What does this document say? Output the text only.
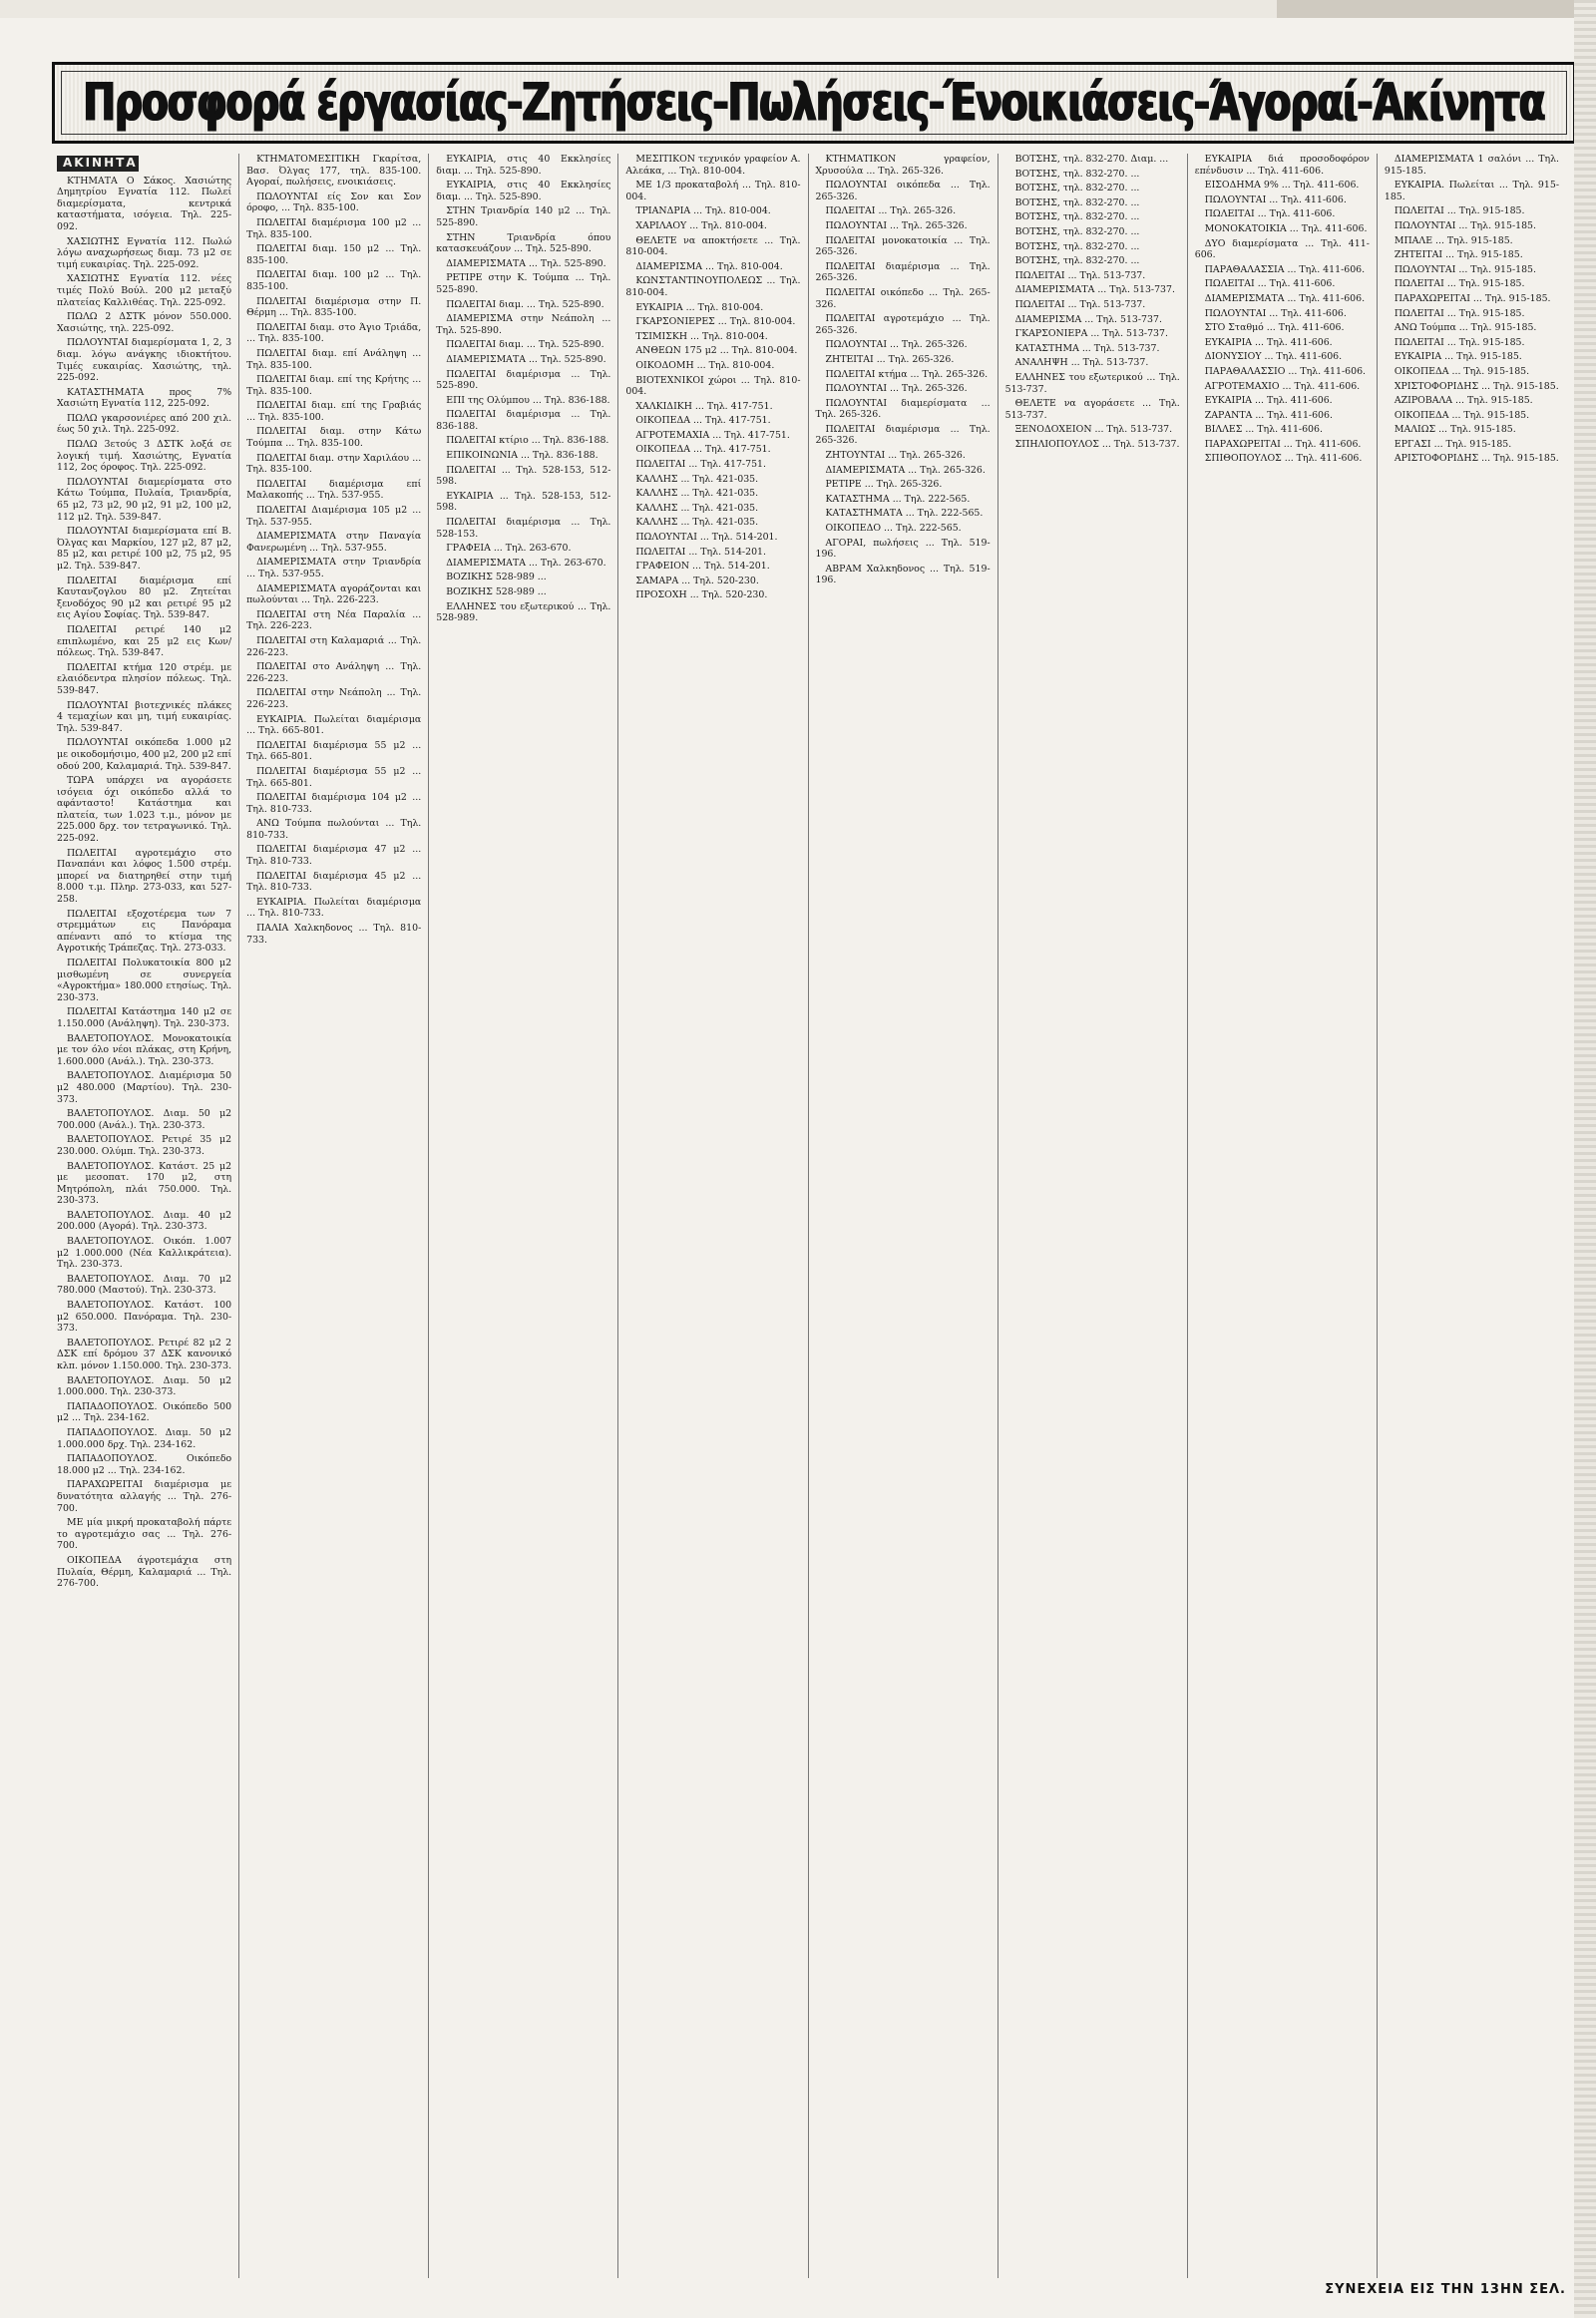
Προσφορά έργασίας-Ζητήσεις-Πωλήσεις-Ένοικιάσεις-Άγοραί-Άκίνητα
ΑΚΙΝΗΤΑ

ΚΤΗΜΑΤΑ Ο Σάκος. Χασιώτης Δημητρίου Εγνατία 112. Πωλεί διαμερίσματα, κεντρικά καταστήματα, ισόγεια. Τηλ. 225-092.

ΧΑΣΙΩΤΗΣ Εγνατία 112. Πωλώ λόγω αναχωρήσεως διαμ. 73 μ2 σε τιμή ευκαιρίας. Τηλ. 225-092.

ΧΑΣΙΩΤΗΣ Εγνατία 112. νέες τιμές Πολύ Βούλ. 200 μ2 μεταξύ πλατείας Καλλιθέας. Τηλ. 225-092.

ΠΩΛΩ 2 ΔΣΤΚ μόνον 550.000. Χασιώτης, τηλ. 225-092.

ΠΩΛΟΥΝΤΑΙ διαμερίσματα 1, 2, 3 διαμ. λόγω ανάγκης ιδιοκτήτου. Τιμές ευκαιρίας. Χασιώτης, τηλ. 225-092.

ΚΑΤΑΣΤΗΜΑΤΑ προς 7% Χασιώτη Εγνατία 112, 225-092.

ΠΩΛΩ γκαρσονιέρες από 200 χιλ. έως 50 χιλ. Τηλ. 225-092.

ΠΩΛΩ 3ετούς 3 ΔΣΤΚ λοξά σε λογική τιμή. Χασιώτης, Εγνατία 112, 2ος όροφος. Τηλ. 225-092.

ΠΩΛΟΥΝΤΑΙ διαμερίσματα στο Κάτω Τούμπα, Πυλαία, Τριανδρία, 65 μ2, 73 μ2, 90 μ2, 91 μ2, 100 μ2, 112 μ2. Τηλ. 539-847.

ΠΩΛΟΥΝΤΑΙ διαμερίσματα επί Β. Όλγας και Μαρκίου, 127 μ2, 87 μ2, 85 μ2, και ρετιρέ 100 μ2, 75 μ2, 95 μ2. Τηλ. 539-847.

ΠΩΛΕΙΤΑΙ διαμέρισμα επί Καυτανζογλου 80 μ2. Ζητείται ξενοδόχος 90 μ2 και ρετιρέ 95 μ2 εις Αγίου Σοφίας. Τηλ. 539-847.

ΠΩΛΕΙΤΑΙ ρετιρέ 140 μ2 επιπλωμένο, και 25 μ2 εις Κων/πόλεως. Τηλ. 539-847.

ΠΩΛΕΙΤΑΙ κτήμα 120 στρέμ. με ελαιόδεντρα πλησίον πόλεως. Τηλ. 539-847.

ΠΩΛΟΥΝΤΑΙ βιοτεχνικές πλάκες 4 τεμαχίων και μη, τιμή ευκαιρίας. Τηλ. 539-847.

ΠΩΛΟΥΝΤΑΙ οικόπεδα 1.000 μ2 με οικοδομήσιμο, 400 μ2, 200 μ2 επί οδού 200, Καλαμαριά. Τηλ. 539-847.

ΤΩΡΑ υπάρχει να αγοράσετε ισόγεια όχι οικόπεδο αλλά το αφάνταστο! Κατάστημα και πλατεία, των 1.023 τ.μ., μόνον με 225.000 δρχ. τον τετραγωνικό. Τηλ. 225-092.

ΠΩΛΕΙΤΑΙ αγροτεμάχιο στο Παναπάνι και λόφος 1.500 στρέμ. μπορεί να διατηρηθεί στην τιμή 8.000 τ.μ. Πληρ. 273-033, και 527-258.

ΠΩΛΕΙΤΑΙ εξοχοτέρεμα των 7 στρεμμάτων εις Πανόραμα απέναντι από το κτίσμα της Αγροτικής Τράπεζας. Τηλ. 273-033.

ΠΩΛΕΙΤΑΙ Πολυκατοικία 800 μ2 μισθωμένη σε συνεργεία «Αγροκτήμα» 180.000 ετησίως. Τηλ. 230-373.

ΠΩΛΕΙΤΑΙ Κατάστημα 140 μ2 σε 1.150.000 (Ανάληψη). Τηλ. 230-373.

ΒΑΛΕΤΟΠΟΥΛΟΣ. Μονοκατοικία με τον όλο νέοι πλάκας, στη Κρήνη, 1.600.000 (Ανάλ.). Τηλ. 230-373.

ΒΑΛΕΤΟΠΟΥΛΟΣ. Διαμέρισμα 50 μ2 480.000 (Μαρτίου). Τηλ. 230-373.

ΒΑΛΕΤΟΠΟΥΛΟΣ. Διαμ. 50 μ2 700.000 (Ανάλ.). Τηλ. 230-373.

ΒΑΛΕΤΟΠΟΥΛΟΣ. Ρετιρέ 35 μ2 230.000. Ολύμπ. Τηλ. 230-373.

ΒΑΛΕΤΟΠΟΥΛΟΣ. Κατάστ. 25 μ2 με μεσοπατ. 170 μ2, στη Μητρόπολη, πλάι 750.000. Τηλ. 230-373.

ΒΑΛΕΤΟΠΟΥΛΟΣ. Διαμ. 40 μ2 200.000 (Αγορά). Τηλ. 230-373.

ΒΑΛΕΤΟΠΟΥΛΟΣ. Οικόπ. 1.007 μ2 1.000.000 (Νέα Καλλικράτεια). Τηλ. 230-373.

ΒΑΛΕΤΟΠΟΥΛΟΣ. Διαμ. 70 μ2 780.000 (Μαστού). Τηλ. 230-373.

ΒΑΛΕΤΟΠΟΥΛΟΣ. Κατάστ. 100 μ2 650.000. Πανόραμα. Τηλ. 230-373.

ΒΑΛΕΤΟΠΟΥΛΟΣ. Ρετιρέ 82 μ2 2 ΔΣΚ επί δρόμου 37 ΔΣΚ κανονικό κλπ. μόνον 1.150.000. Τηλ. 230-373.

ΒΑΛΕΤΟΠΟΥΛΟΣ. Διαμ. 50 μ2 1.000.000. Τηλ. 230-373.

ΠΑΠΑΔΟΠΟΥΛΟΣ. Οικόπεδο 500 μ2 ... Τηλ. 234-162.

ΠΑΠΑΔΟΠΟΥΛΟΣ. Διαμ. 50 μ2 1.000.000 δρχ. Τηλ. 234-162.

ΠΑΠΑΔΟΠΟΥΛΟΣ. Οικόπεδο 18.000 μ2 ... Τηλ. 234-162.

ΠΑΡΑΧΩΡΕΙΤΑΙ διαμέρισμα με δυνατότητα αλλαγής ... Τηλ. 276-700.

ΜΕ μία μικρή προκαταβολή πάρτε το αγροτεμάχιο σας ... Τηλ. 276-700.

ΟΙΚΟΠΕΔΑ άγροτεμάχια στη Πυλαία, Θέρμη, Καλαμαριά ... Τηλ. 276-700.

ΚΤΗΜΑΤΟΜΕΣΙΤΙΚΗ Γκαρίτσα, Βασ. Όλγας 177, τηλ. 835-100. Αγοραί, πωλήσεις, ενοικιάσεις.

ΠΩΛΟΥΝΤΑΙ είς Σον και Σον όροφο, ... Τηλ. 835-100.

ΠΩΛΕΙΤΑΙ διαμέρισμα 100 μ2 ... Τηλ. 835-100.

ΠΩΛΕΙΤΑΙ διαμ. 150 μ2 ... Τηλ. 835-100.

ΠΩΛΕΙΤΑΙ διαμ. 100 μ2 ... Τηλ. 835-100.

ΠΩΛΕΙΤΑΙ διαμέρισμα στην Π. Θέρμη ... Τηλ. 835-100.

ΠΩΛΕΙΤΑΙ διαμ. στο Άγιο Τριάδα, ... Τηλ. 835-100.

ΠΩΛΕΙΤΑΙ διαμ. επί Ανάληψη ... Τηλ. 835-100.

ΠΩΛΕΙΤΑΙ διαμ. επί της Κρήτης ... Τηλ. 835-100.

ΠΩΛΕΙΤΑΙ διαμ. επί της Γραβιάς ... Τηλ. 835-100.

ΠΩΛΕΙΤΑΙ διαμ. στην Κάτω Τούμπα ... Τηλ. 835-100.

ΠΩΛΕΙΤΑΙ διαμ. στην Χαριλάου ... Τηλ. 835-100.

ΠΩΛΕΙΤΑΙ διαμέρισμα επί Μαλακοπής ... Τηλ. 537-955.

ΠΩΛΕΙΤΑΙ Διαμέρισμα 105 μ2 ... Τηλ. 537-955.

ΔΙΑΜΕΡΙΣΜΑΤΑ στην Παναγία Φανερωμένη ... Τηλ. 537-955.

ΔΙΑΜΕΡΙΣΜΑΤΑ στην Τριανδρία ... Τηλ. 537-955.

ΔΙΑΜΕΡΙΣΜΑΤΑ αγοράζονται και πωλούνται ... Τηλ. 226-223.

ΠΩΛΕΙΤΑΙ στη Νέα Παραλία ... Τηλ. 226-223.

ΠΩΛΕΙΤΑΙ στη Καλαμαριά ... Τηλ. 226-223.

ΠΩΛΕΙΤΑΙ στο Ανάληψη ... Τηλ. 226-223.

ΠΩΛΕΙΤΑΙ στην Νεάπολη ... Τηλ. 226-223.

ΕΥΚΑΙΡΙΑ. Πωλείται διαμέρισμα ... Τηλ. 665-801.

ΠΩΛΕΙΤΑΙ διαμέρισμα 55 μ2 ... Τηλ. 665-801.

ΠΩΛΕΙΤΑΙ διαμέρισμα 55 μ2 ... Τηλ. 665-801.

ΠΩΛΕΙΤΑΙ διαμέρισμα 104 μ2 ... Τηλ. 810-733.

ΑΝΩ Τούμπα πωλούνται ... Τηλ. 810-733.

ΠΩΛΕΙΤΑΙ διαμέρισμα 47 μ2 ... Τηλ. 810-733.

ΠΩΛΕΙΤΑΙ διαμέρισμα 45 μ2 ... Τηλ. 810-733.

ΕΥΚΑΙΡΙΑ. Πωλείται διαμέρισμα ... Τηλ. 810-733.

ΠΑΛΙΑ Χαλκηδονος ... Τηλ. 810-733.

ΕΥΚΑΙΡΙΑ, στις 40 Εκκλησίες διαμ. ... Τηλ. 525-890.

ΕΥΚΑΙΡΙΑ, στις 40 Εκκλησίες διαμ. ... Τηλ. 525-890.

ΣΤΗΝ Τριανδρία 140 μ2 ... Τηλ. 525-890.

ΣΤΗΝ Τριανδρία όπου κατασκευάζουν ... Τηλ. 525-890.

ΔΙΑΜΕΡΙΣΜΑΤΑ ... Τηλ. 525-890.

ΡΕΤΙΡΕ στην Κ. Τούμπα ... Τηλ. 525-890.

ΠΩΛΕΙΤΑΙ διαμ. ... Τηλ. 525-890.

ΔΙΑΜΕΡΙΣΜΑ στην Νεάπολη ... Τηλ. 525-890.

ΠΩΛΕΙΤΑΙ διαμ. ... Τηλ. 525-890.

ΔΙΑΜΕΡΙΣΜΑΤΑ ... Τηλ. 525-890.

ΠΩΛΕΙΤΑΙ διαμέρισμα ... Τηλ. 525-890.

ΕΠΙ της Ολύμπου ... Τηλ. 836-188.

ΠΩΛΕΙΤΑΙ διαμέρισμα ... Τηλ. 836-188.

ΠΩΛΕΙΤΑΙ κτίριο ... Τηλ. 836-188.

ΕΠΙΚΟΙΝΩΝΙΑ ... Τηλ. 836-188.

ΠΩΛΕΙΤΑΙ ... Τηλ. 528-153, 512-598.

ΕΥΚΑΙΡΙΑ ... Τηλ. 528-153, 512-598.

ΠΩΛΕΙΤΑΙ διαμέρισμα ... Τηλ. 528-153.

ΓΡΑΦΕΙΑ ... Τηλ. 263-670.

ΔΙΑΜΕΡΙΣΜΑΤΑ ... Τηλ. 263-670.

ΒΟΖΙΚΗΣ 528-989 ...

ΒΟΖΙΚΗΣ 528-989 ...

ΕΛΛΗΝΕΣ του εξωτερικού ... Τηλ. 528-989.

ΜΕΣΙΤΙΚΟΝ τεχνικόν γραφείον Α. Αλεάκα, ... Τηλ. 810-004.

ΜΕ 1/3 προκαταβολή ... Τηλ. 810-004.

ΤΡΙΑΝΔΡΙΑ ... Τηλ. 810-004.

ΧΑΡΙΛΑΟΥ ... Τηλ. 810-004.

ΘΕΛΕΤΕ να αποκτήσετε ... Τηλ. 810-004.

ΔΙΑΜΕΡΙΣΜΑ ... Τηλ. 810-004.

ΚΩΝΣΤΑΝΤΙΝΟΥΠΟΛΕΩΣ ... Τηλ. 810-004.

ΕΥΚΑΙΡΙΑ ... Τηλ. 810-004.

ΓΚΑΡΣΟΝΙΕΡΕΣ ... Τηλ. 810-004.

ΤΣΙΜΙΣΚΗ ... Τηλ. 810-004.

ΑΝΘΕΩΝ 175 μ2 ... Τηλ. 810-004.

ΟΙΚΟΔΟΜΗ ... Τηλ. 810-004.

ΒΙΟΤΕΧΝΙΚΟΙ χώροι ... Τηλ. 810-004.

ΧΑΛΚΙΔΙΚΗ ... Τηλ. 417-751.

ΟΙΚΟΠΕΔΑ ... Τηλ. 417-751.

ΑΓΡΟΤΕΜΑΧΙΑ ... Τηλ. 417-751.

ΟΙΚΟΠΕΔΑ ... Τηλ. 417-751.

ΠΩΛΕΙΤΑΙ ... Τηλ. 417-751.

ΚΑΛΛΗΣ ... Τηλ. 421-035.

ΚΑΛΛΗΣ ... Τηλ. 421-035.

ΚΑΛΛΗΣ ... Τηλ. 421-035.

ΚΑΛΛΗΣ ... Τηλ. 421-035.

ΠΩΛΟΥΝΤΑΙ ... Τηλ. 514-201.

ΠΩΛΕΙΤΑΙ ... Τηλ. 514-201.

ΓΡΑΦΕΙΟΝ ... Τηλ. 514-201.

ΣΑΜΑΡΑ ... Τηλ. 520-230.

ΠΡΟΣΟΧΗ ... Τηλ. 520-230.

ΚΤΗΜΑΤΙΚΟΝ γραφείον, Χρυσούλα ... Τηλ. 265-326.

ΠΩΛΟΥΝΤΑΙ οικόπεδα ... Τηλ. 265-326.

ΠΩΛΕΙΤΑΙ ... Τηλ. 265-326.

ΠΩΛΟΥΝΤΑΙ ... Τηλ. 265-326.

ΠΩΛΕΙΤΑΙ μονοκατοικία ... Τηλ. 265-326.

ΠΩΛΕΙΤΑΙ διαμέρισμα ... Τηλ. 265-326.

ΠΩΛΕΙΤΑΙ οικόπεδο ... Τηλ. 265-326.

ΠΩΛΕΙΤΑΙ αγροτεμάχιο ... Τηλ. 265-326.

ΠΩΛΟΥΝΤΑΙ ... Τηλ. 265-326.

ΖΗΤΕΙΤΑΙ ... Τηλ. 265-326.

ΠΩΛΕΙΤΑΙ κτήμα ... Τηλ. 265-326.

ΠΩΛΟΥΝΤΑΙ ... Τηλ. 265-326.

ΠΩΛΟΥΝΤΑΙ διαμερίσματα ... Τηλ. 265-326.

ΠΩΛΕΙΤΑΙ διαμέρισμα ... Τηλ. 265-326.

ΖΗΤΟΥΝΤΑΙ ... Τηλ. 265-326.

ΔΙΑΜΕΡΙΣΜΑΤΑ ... Τηλ. 265-326.

ΡΕΤΙΡΕ ... Τηλ. 265-326.

ΚΑΤΑΣΤΗΜΑ ... Τηλ. 222-565.

ΚΑΤΑΣΤΗΜΑΤΑ ... Τηλ. 222-565.

ΟΙΚΟΠΕΔΟ ... Τηλ. 222-565.

ΑΓΟΡΑΙ, πωλήσεις ... Τηλ. 519-196.

ΑΒΡΑΜ Χαλκηδονος ... Τηλ. 519-196.

ΒΟΤΣΗΣ, τηλ. 832-270. Διαμ. ...

ΒΟΤΣΗΣ, τηλ. 832-270. ...

ΒΟΤΣΗΣ, τηλ. 832-270. ...

ΒΟΤΣΗΣ, τηλ. 832-270. ...

ΒΟΤΣΗΣ, τηλ. 832-270. ...

ΒΟΤΣΗΣ, τηλ. 832-270. ...

ΒΟΤΣΗΣ, τηλ. 832-270. ...

ΒΟΤΣΗΣ, τηλ. 832-270. ...

ΠΩΛΕΙΤΑΙ ... Τηλ. 513-737.

ΔΙΑΜΕΡΙΣΜΑΤΑ ... Τηλ. 513-737.

ΠΩΛΕΙΤΑΙ ... Τηλ. 513-737.

ΔΙΑΜΕΡΙΣΜΑ ... Τηλ. 513-737.

ΓΚΑΡΣΟΝΙΕΡΑ ... Τηλ. 513-737.

ΚΑΤΑΣΤΗΜΑ ... Τηλ. 513-737.

ΑΝΑΛΗΨΗ ... Τηλ. 513-737.

ΕΛΛΗΝΕΣ του εξωτερικού ... Τηλ. 513-737.

ΘΕΛΕΤΕ να αγοράσετε ... Τηλ. 513-737.

ΞΕΝΟΔΟΧΕΙΟΝ ... Τηλ. 513-737.

ΣΠΗΛΙΟΠΟΥΛΟΣ ... Τηλ. 513-737.

ΕΥΚΑΙΡΙΑ διά προσοδοφόρον επένδυσιν ... Τηλ. 411-606.

ΕΙΣΟΔΗΜΑ 9% ... Τηλ. 411-606.

ΠΩΛΟΥΝΤΑΙ ... Τηλ. 411-606.

ΠΩΛΕΙΤΑΙ ... Τηλ. 411-606.

ΜΟΝΟΚΑΤΟΙΚΙΑ ... Τηλ. 411-606.

ΔΥΟ διαμερίσματα ... Τηλ. 411-606.

ΠΑΡΑΘΑΛΑΣΣΙΑ ... Τηλ. 411-606.

ΠΩΛΕΙΤΑΙ ... Τηλ. 411-606.

ΔΙΑΜΕΡΙΣΜΑΤΑ ... Τηλ. 411-606.

ΠΩΛΟΥΝΤΑΙ ... Τηλ. 411-606.

ΣΤΟ Σταθμό ... Τηλ. 411-606.

ΕΥΚΑΙΡΙΑ ... Τηλ. 411-606.

ΔΙΟΝΥΣΙΟΥ ... Τηλ. 411-606.

ΠΑΡΑΘΑΛΑΣΣΙΟ ... Τηλ. 411-606.

ΑΓΡΟΤΕΜΑΧΙΟ ... Τηλ. 411-606.

ΕΥΚΑΙΡΙΑ ... Τηλ. 411-606.

ΖΑΡΑΝΤΑ ... Τηλ. 411-606.

ΒΙΛΛΕΣ ... Τηλ. 411-606.

ΠΑΡΑΧΩΡΕΙΤΑΙ ... Τηλ. 411-606.

ΣΠΙΘΟΠΟΥΛΟΣ ... Τηλ. 411-606.

ΔΙΑΜΕΡΙΣΜΑΤΑ 1 σαλόνι ... Τηλ. 915-185.

ΕΥΚΑΙΡΙΑ. Πωλείται ... Τηλ. 915-185.

ΠΩΛΕΙΤΑΙ ... Τηλ. 915-185.

ΠΩΛΟΥΝΤΑΙ ... Τηλ. 915-185.

ΜΠΑΛΕ ... Τηλ. 915-185.

ΖΗΤΕΙΤΑΙ ... Τηλ. 915-185.

ΠΩΛΟΥΝΤΑΙ ... Τηλ. 915-185.

ΠΩΛΕΙΤΑΙ ... Τηλ. 915-185.

ΠΑΡΑΧΩΡΕΙΤΑΙ ... Τηλ. 915-185.

ΠΩΛΕΙΤΑΙ ... Τηλ. 915-185.

ΑΝΩ Τούμπα ... Τηλ. 915-185.

ΠΩΛΕΙΤΑΙ ... Τηλ. 915-185.

ΕΥΚΑΙΡΙΑ ... Τηλ. 915-185.

ΟΙΚΟΠΕΔΑ ... Τηλ. 915-185.

ΧΡΙΣΤΟΦΟΡΙΔΗΣ ... Τηλ. 915-185.

ΑΖΙΡΟΒΑΛΑ ... Τηλ. 915-185.

ΟΙΚΟΠΕΔΑ ... Τηλ. 915-185.

ΜΑΛΙΩΣ ... Τηλ. 915-185.

ΕΡΓΑΣΙ ... Τηλ. 915-185.

ΑΡΙΣΤΟΦΟΡΙΔΗΣ ... Τηλ. 915-185.

ΣΥΝΕΧΕΙΑ ΕΙΣ ΤΗΝ 13ΗΝ ΣΕΛ.
